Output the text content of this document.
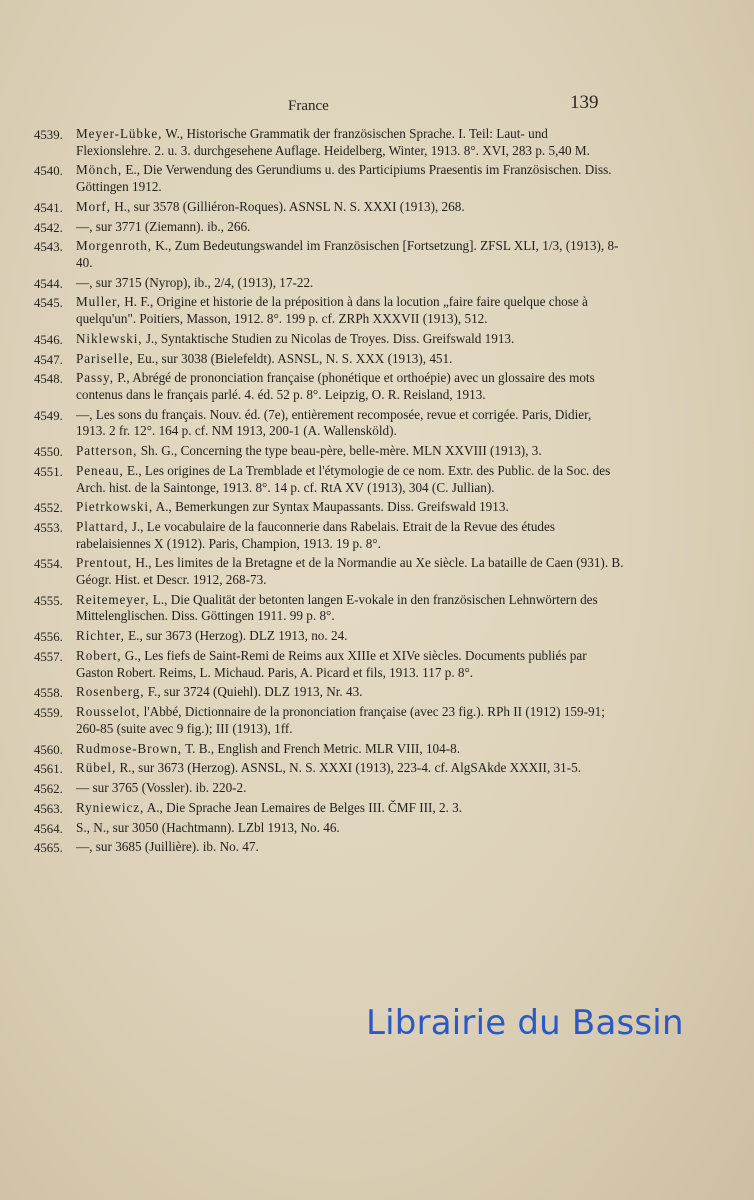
France	139
4539. Meyer-Lübke, W., Historische Grammatik der französischen Sprache. I. Teil: Laut- und Flexionslehre. 2. u. 3. durchgesehene Auflage. Heidelberg, Winter, 1913. 8°. XVI, 283 p. 5,40 M.
4540. Mönch, E., Die Verwendung des Gerundiums u. des Participiums Praesentis im Französischen. Diss. Göttingen 1912.
4541. Morf, H., sur 3578 (Gilliéron-Roques). ASNSL N. S. XXXI (1913), 268.
4542. —, sur 3771 (Ziemann). ib., 266.
4543. Morgenroth, K., Zum Bedeutungswandel im Französischen [Fortsetzung]. ZFSL XLI, 1/3, (1913), 8-40.
4544. —, sur 3715 (Nyrop), ib., 2/4, (1913), 17-22.
4545. Muller, H. F., Origine et historie de la préposition à dans la locution „faire faire quelque chose à quelqu'un". Poitiers, Masson, 1912. 8°. 199 p. cf. ZRPh XXXVII (1913), 512.
4546. Niklewski, J., Syntaktische Studien zu Nicolas de Troyes. Diss. Greifswald 1913.
4547. Pariselle, Eu., sur 3038 (Bielefeldt). ASNSL, N. S. XXX (1913), 451.
4548. Passy, P., Abrégé de prononciation française (phonétique et orthoépie) avec un glossaire des mots contenus dans le français parlé. 4. éd. 52 p. 8°. Leipzig, O. R. Reisland, 1913.
4549. —, Les sons du français. Nouv. éd. (7e), entièrement recomposée, revue et corrigée. Paris, Didier, 1913. 2 fr. 12°. 164 p. cf. NM 1913, 200-1 (A. Wallensköld).
4550. Patterson, Sh. G., Concerning the type beau-père, belle-mère. MLN XXVIII (1913), 3.
4551. Peneau, E., Les origines de La Tremblade et l'étymologie de ce nom. Extr. des Public. de la Soc. des Arch. hist. de la Saintonge, 1913. 8°. 14 p. cf. RtA XV (1913), 304 (C. Jullian).
4552. Pietrkowski, A., Bemerkungen zur Syntax Maupassants. Diss. Greifswald 1913.
4553. Plattard, J., Le vocabulaire de la fauconnerie dans Rabelais. Etrait de la Revue des études rabelaisiennes X (1912). Paris, Champion, 1913. 19 p. 8°.
4554. Prentout, H., Les limites de la Bretagne et de la Normandie au Xe siècle. La bataille de Caen (931). B. Géogr. Hist. et Descr. 1912, 268-73.
4555. Reitemeyer, L., Die Qualität der betonten langen E-vokale in den französischen Lehnwörtern des Mittelenglischen. Diss. Göttingen 1911. 99 p. 8°.
4556. Richter, E., sur 3673 (Herzog). DLZ 1913, no. 24.
4557. Robert, G., Les fiefs de Saint-Remi de Reims aux XIIIe et XIVe siècles. Documents publiés par Gaston Robert. Reims, L. Michaud. Paris, A. Picard et fils, 1913. 117 p. 8°.
4558. Rosenberg, F., sur 3724 (Quiehl). DLZ 1913, Nr. 43.
4559. Rousselot, l'Abbé, Dictionnaire de la prononciation française (avec 23 fig.). RPh II (1912) 159-91; 260-85 (suite avec 9 fig.); III (1913), 1ff.
4560. Rudmose-Brown, T. B., English and French Metric. MLR VIII, 104-8.
4561. Rübel, R., sur 3673 (Herzog). ASNSL, N. S. XXXI (1913), 223-4. cf. AlgSAkde XXXII, 31-5.
4562. — sur 3765 (Vossler). ib. 220-2.
4563. Ryniewicz, A., Die Sprache Jean Lemaires de Belges III. ČMF III, 2. 3.
4564. S., N., sur 3050 (Hachtmann). LZbl 1913, No. 46.
4565. —, sur 3685 (Juillière). ib. No. 47.
Librairie du Bassin
